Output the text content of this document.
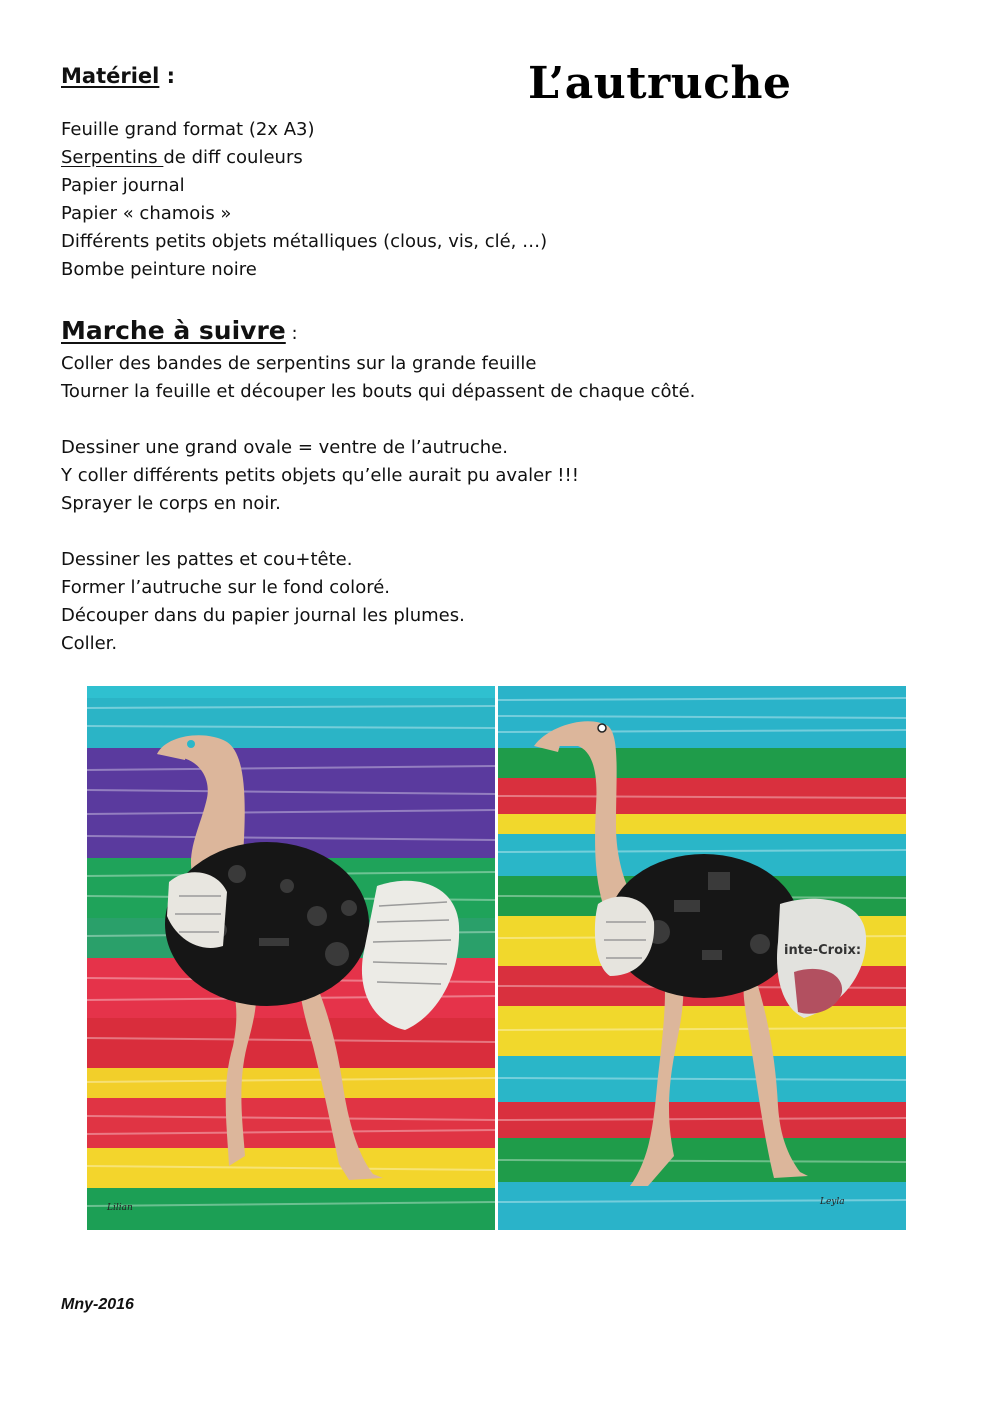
Matériel :	L’autruche
Feuille grand format (2x A3)
Serpentins de diff couleurs
Papier journal
Papier « chamois »
Différents petits objets métalliques (clous, vis, clé, …)
Bombe peinture noire
Marche à suivre :
Coller des bandes de serpentins sur la grande feuille
Tourner la feuille et découper les bouts qui dépassent de chaque côté.
Dessiner une grand ovale = ventre de l’autruche.
Y coller différents petits objets qu’elle aurait pu avaler !!!
Sprayer le corps en noir.
Dessiner les pattes et cou+tête.
Former l’autruche sur le fond coloré.
Découper dans du papier journal les plumes.
Coller.
Lilian
inte-Croix:
Leyla
Mny-2016
